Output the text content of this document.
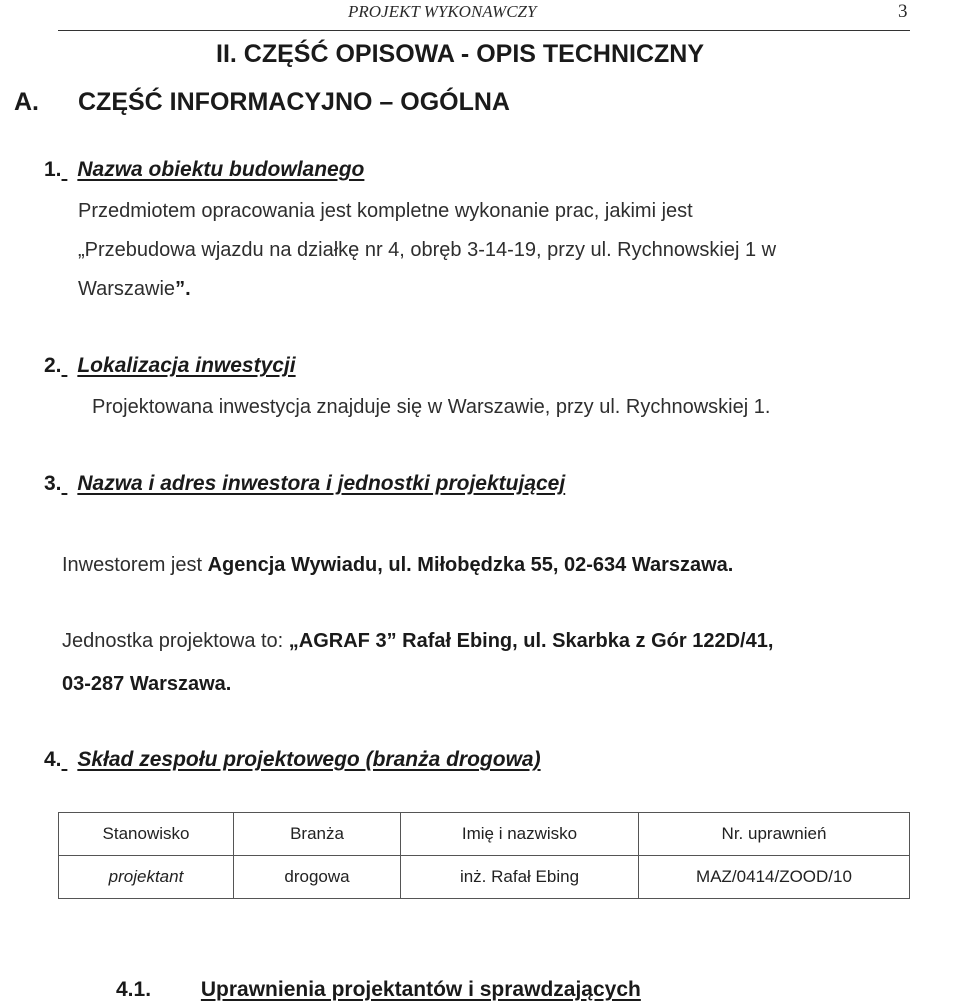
PROJEKT WYKONAWCZY	3
II. CZĘŚĆ OPISOWA - OPIS TECHNICZNY
A. CZĘŚĆ INFORMACYJNO – OGÓLNA
1. Nazwa obiektu budowlanego
Przedmiotem opracowania jest kompletne wykonanie prac, jakimi jest
„Przebudowa wjazdu na działkę nr 4, obręb 3-14-19, przy ul. Rychnowskiej 1 w
Warszawie”.
2. Lokalizacja inwestycji
Projektowana inwestycja znajduje się w Warszawie, przy ul. Rychnowskiej 1.
3. Nazwa i adres inwestora i jednostki projektującej
Inwestorem jest Agencja Wywiadu, ul. Miłobędzka 55, 02-634 Warszawa.
Jednostka projektowa to: „AGRAF 3” Rafał Ebing, ul. Skarbka z Gór 122D/41,
03-287 Warszawa.
4. Skład zespołu projektowego (branża drogowa)
Stanowisko	Branża	Imię i nazwisko	Nr. uprawnień
projektant	drogowa	inż. Rafał Ebing	MAZ/0414/ZOOD/10
4.1. Uprawnienia projektantów i sprawdzających
